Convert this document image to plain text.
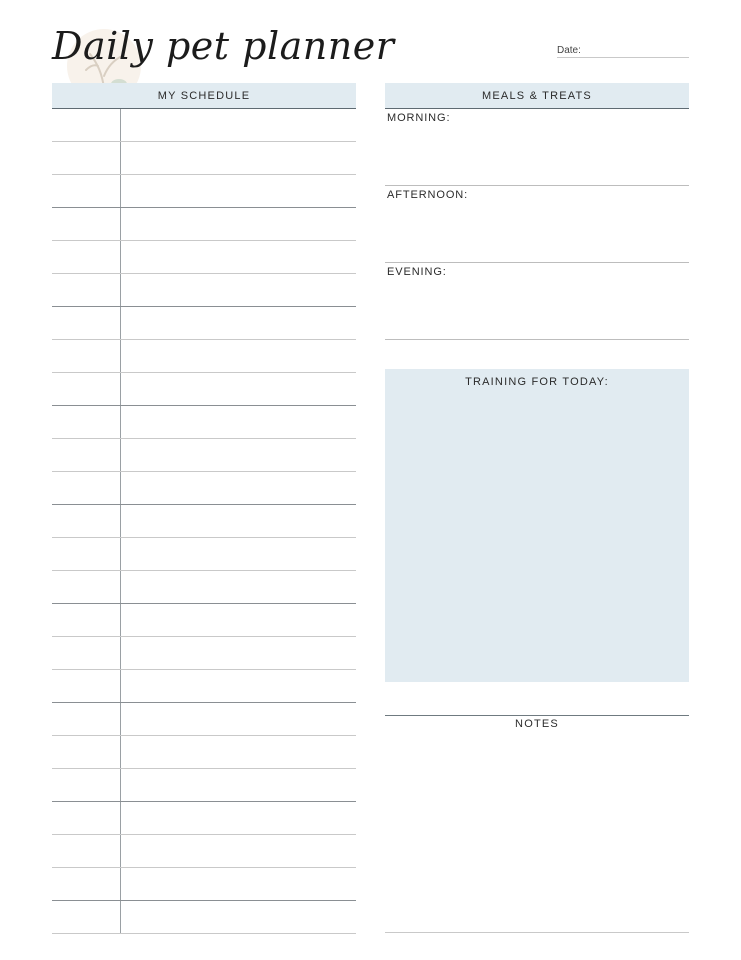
Daily pet planner	Date:
MY SCHEDULE	MEALS & TREATS
MORNING:
AFTERNOON:
EVENING:
TRAINING FOR TODAY:
NOTES
